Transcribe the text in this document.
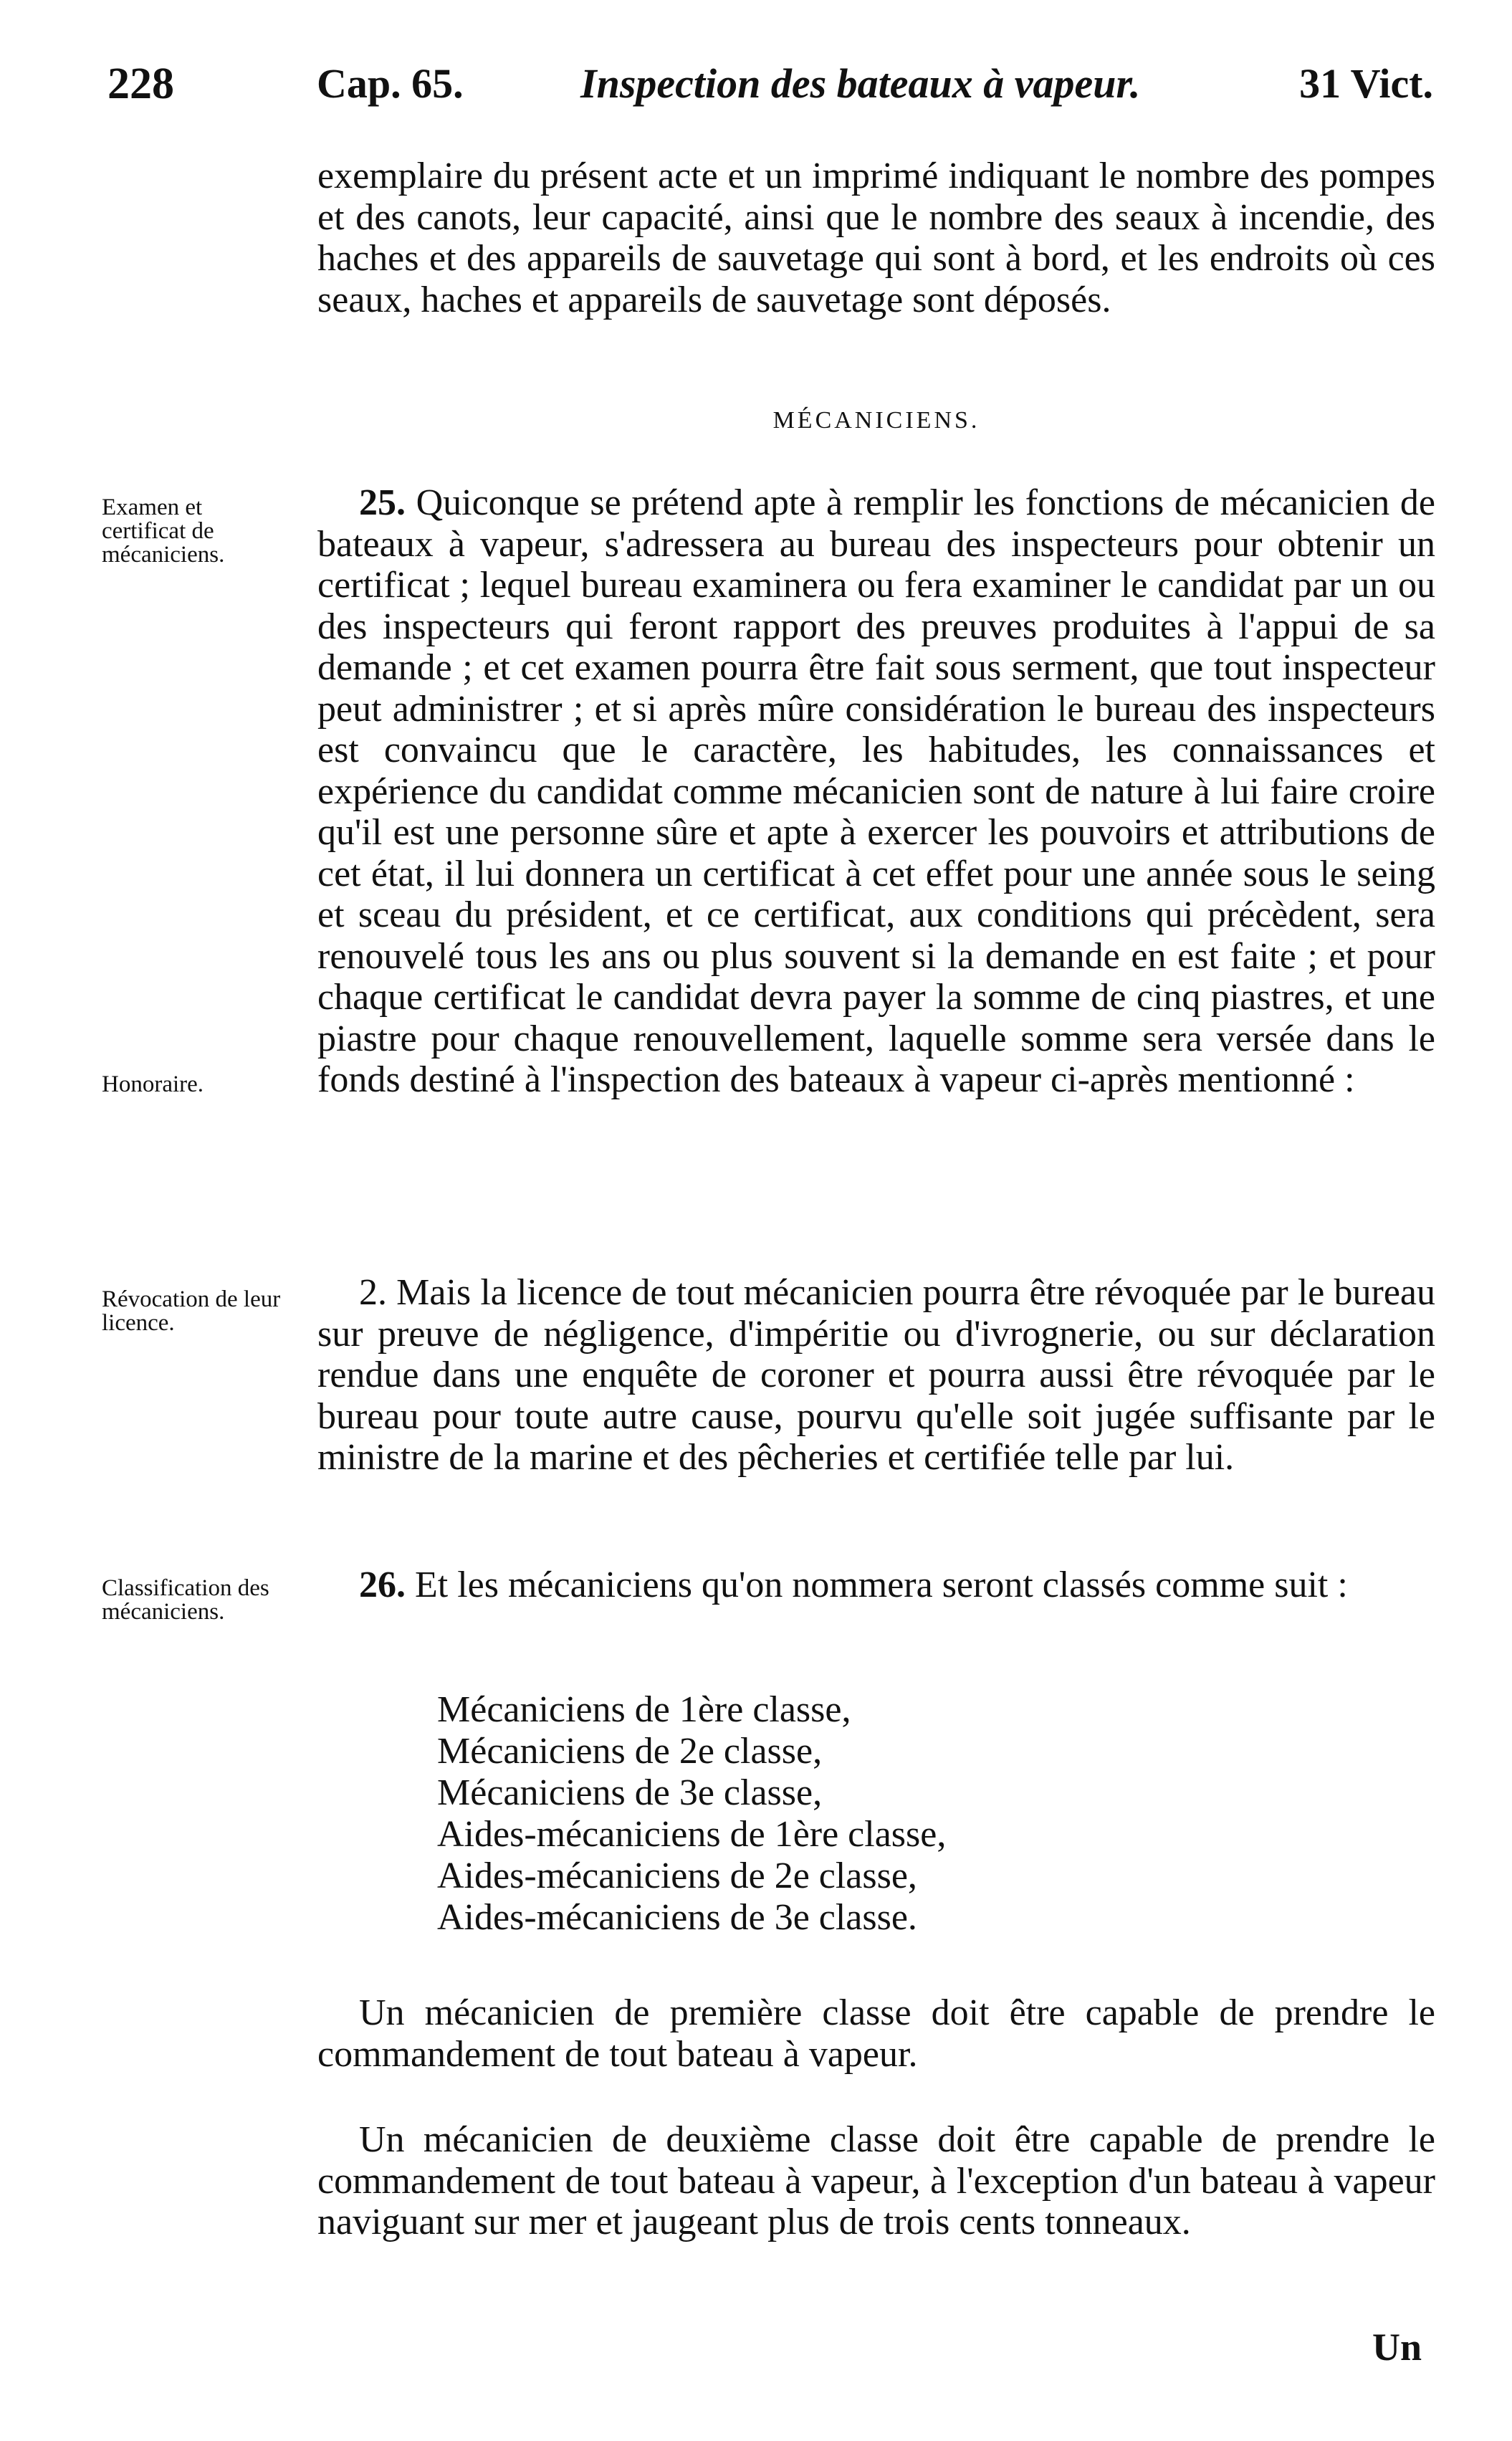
228	Cap. 65.	Inspection des bateaux à vapeur.	31 Vict.

exemplaire du présent acte et un imprimé indiquant le nombre des pompes et des canots, leur capacité, ainsi que le nombre des seaux à incendie, des haches et des appareils de sauvetage qui sont à bord, et les endroits où ces seaux, haches et appareils de sauvetage sont déposés.

MÉCANICIENS.

25. Quiconque se prétend apte à remplir les fonctions de mécanicien de bateaux à vapeur, s'adressera au bureau des inspecteurs pour obtenir un certificat ; lequel bureau examinera ou fera examiner le candidat par un ou des inspecteurs qui feront rapport des preuves produites à l'appui de sa demande ; et cet examen pourra être fait sous serment, que tout inspecteur peut administrer ; et si après mûre considération le bureau des inspecteurs est convaincu que le caractère, les habitudes, les connaissances et expérience du candidat comme mécanicien sont de nature à lui faire croire qu'il est une personne sûre et apte à exercer les pouvoirs et attributions de cet état, il lui donnera un certificat à cet effet pour une année sous le seing et sceau du président, et ce certificat, aux conditions qui précèdent, sera renouvelé tous les ans ou plus souvent si la demande en est faite ; et pour chaque certificat le candidat devra payer la somme de cinq piastres, et une piastre pour chaque renouvellement, laquelle somme sera versée dans le fonds destiné à l'inspection des bateaux à vapeur ci-après mentionné :

2. Mais la licence de tout mécanicien pourra être révoquée par le bureau sur preuve de négligence, d'impéritie ou d'ivrognerie, ou sur déclaration rendue dans une enquête de coroner et pourra aussi être révoquée par le bureau pour toute autre cause, pourvu qu'elle soit jugée suffisante par le ministre de la marine et des pêcheries et certifiée telle par lui.

26. Et les mécaniciens qu'on nommera seront classés comme suit :

Mécaniciens de 1ère classe,
Mécaniciens de 2e classe,
Mécaniciens de 3e classe,
Aides-mécaniciens de 1ère classe,
Aides-mécaniciens de 2e classe,
Aides-mécaniciens de 3e classe.

Un mécanicien de première classe doit être capable de prendre le commandement de tout bateau à vapeur.

Un mécanicien de deuxième classe doit être capable de prendre le commandement de tout bateau à vapeur, à l'exception d'un bateau à vapeur naviguant sur mer et jaugeant plus de trois cents tonneaux.

Examen et certificat de mécaniciens.
Honoraire.
Révocation de leur licence.
Classification des mécaniciens.
Un
